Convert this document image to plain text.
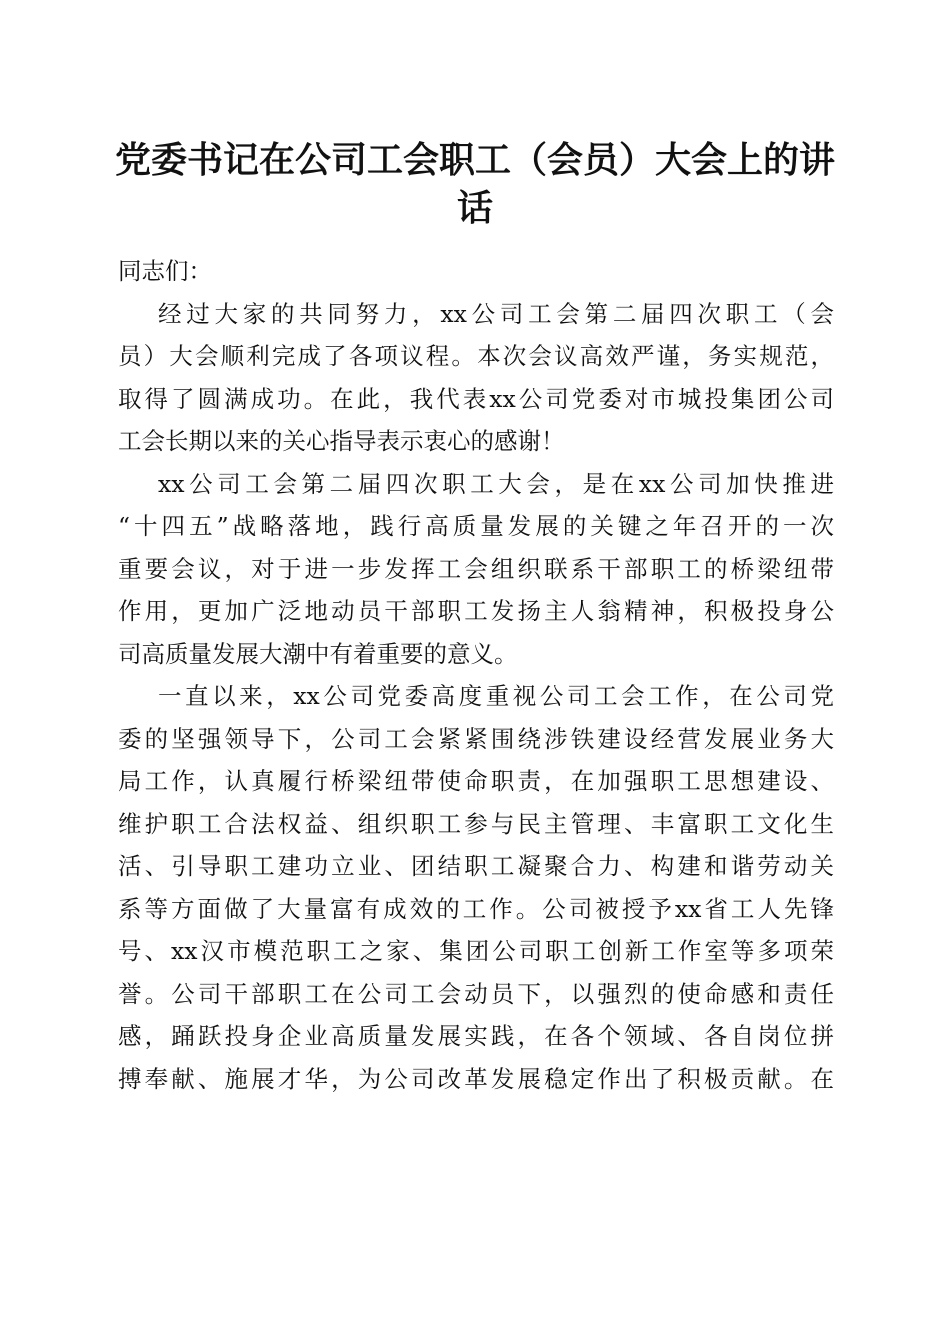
党委书记在公司工会职工（会员）大会上的讲
话
同志们：
经过大家的共同努力，xx公司工会第二届四次职工（会
员）大会顺利完成了各项议程。本次会议高效严谨，务实规范，
取得了圆满成功。在此，我代表xx公司党委对市城投集团公司
工会长期以来的关心指导表示衷心的感谢！
xx公司工会第二届四次职工大会，是在xx公司加快推进
“十四五”战略落地，践行高质量发展的关键之年召开的一次
重要会议，对于进一步发挥工会组织联系干部职工的桥梁纽带
作用，更加广泛地动员干部职工发扬主人翁精神，积极投身公
司高质量发展大潮中有着重要的意义。
一直以来，xx公司党委高度重视公司工会工作，在公司党
委的坚强领导下，公司工会紧紧围绕涉铁建设经营发展业务大
局工作，认真履行桥梁纽带使命职责，在加强职工思想建设、
维护职工合法权益、组织职工参与民主管理、丰富职工文化生
活、引导职工建功立业、团结职工凝聚合力、构建和谐劳动关
系等方面做了大量富有成效的工作。公司被授予xx省工人先锋
号、xx汉市模范职工之家、集团公司职工创新工作室等多项荣
誉。公司干部职工在公司工会动员下，以强烈的使命感和责任
感，踊跃投身企业高质量发展实践，在各个领域、各自岗位拼
搏奉献、施展才华，为公司改革发展稳定作出了积极贡献。在
